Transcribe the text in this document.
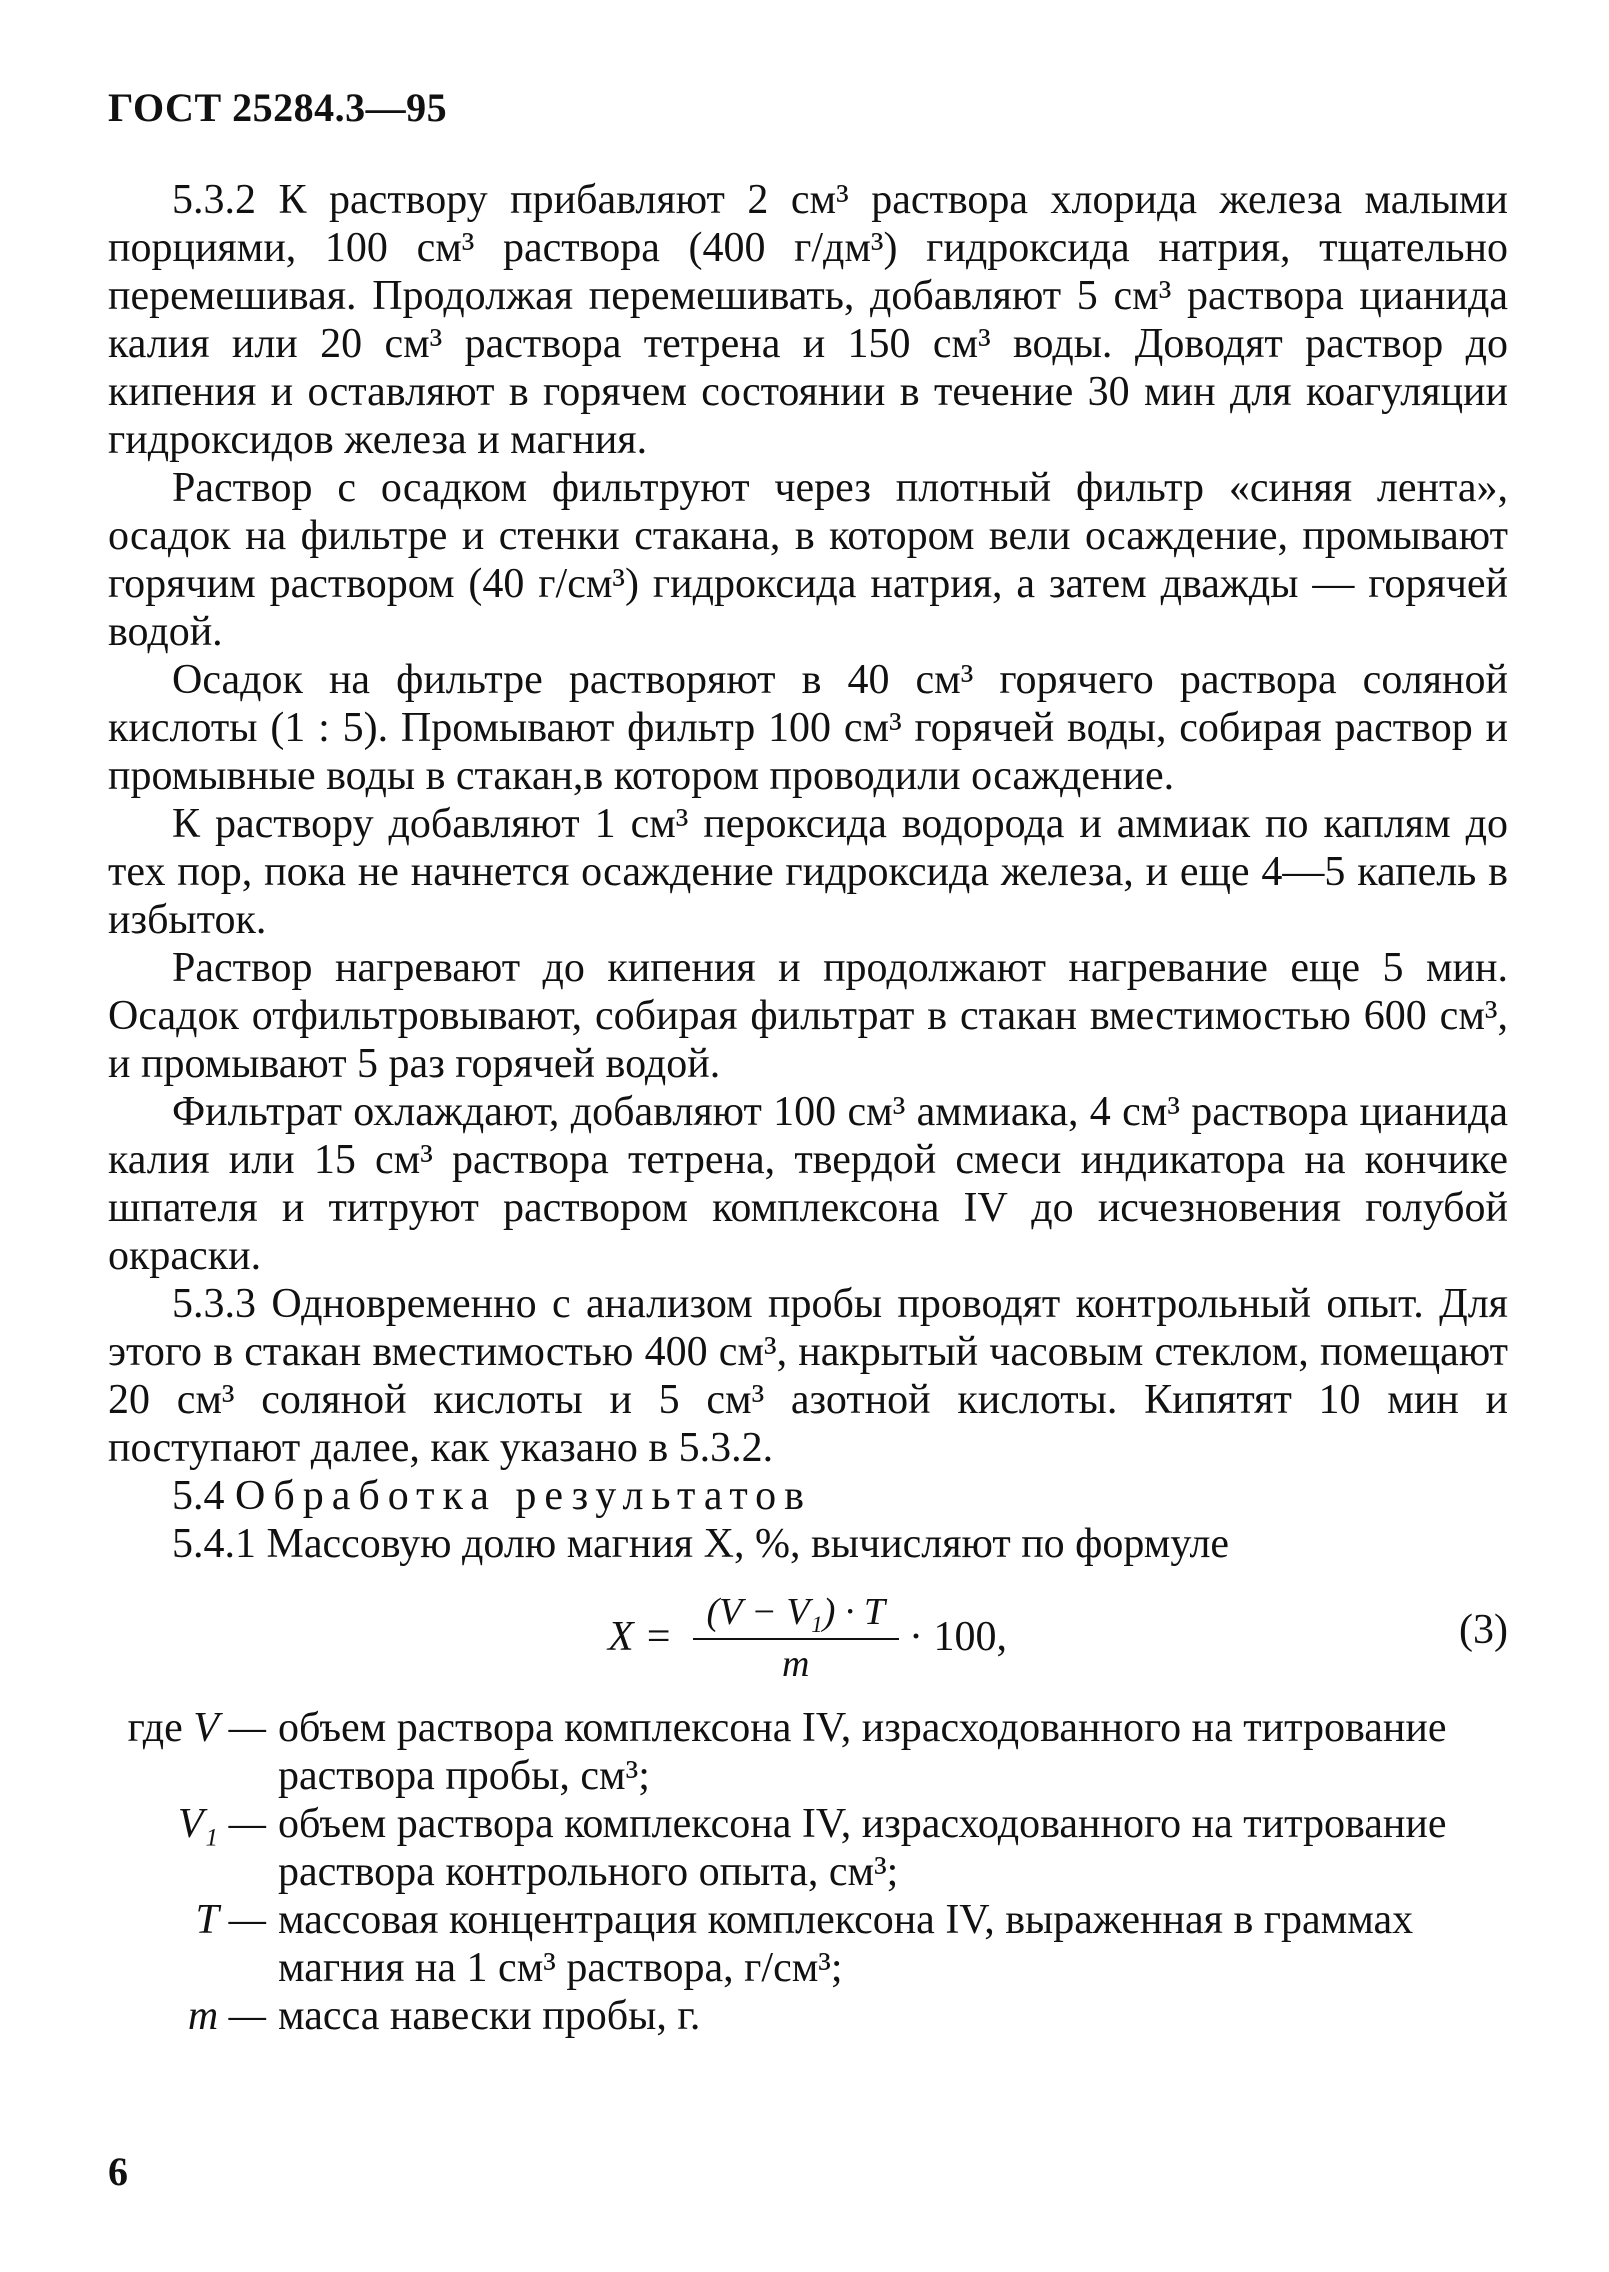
ГОСТ 25284.3—95

5.3.2 К раствору прибавляют 2 см³ раствора хлорида железа малыми порциями, 100 см³ раствора (400 г/дм³) гидроксида натрия, тщательно перемешивая. Продолжая перемешивать, добавляют 5 см³ раствора цианида калия или 20 см³ раствора тетрена и 150 см³ воды. Доводят раствор до кипения и оставляют в горячем состоянии в течение 30 мин для коагуляции гидроксидов железа и магния.

Раствор с осадком фильтруют через плотный фильтр «синяя лента», осадок на фильтре и стенки стакана, в котором вели осаждение, промывают горячим раствором (40 г/см³) гидроксида натрия, а затем дважды — горячей водой.

Осадок на фильтре растворяют в 40 см³ горячего раствора соляной кислоты (1 : 5). Промывают фильтр 100 см³ горячей воды, собирая раствор и промывные воды в стакан,в котором проводили осаждение.

К раствору добавляют 1 см³ пероксида водорода и аммиак по каплям до тех пор, пока не начнется осаждение гидроксида железа, и еще 4—5 капель в избыток.

Раствор нагревают до кипения и продолжают нагревание еще 5 мин. Осадок отфильтровывают, собирая фильтрат в стакан вместимостью 600 см³, и промывают 5 раз горячей водой.

Фильтрат охлаждают, добавляют 100 см³ аммиака, 4 см³ раствора цианида калия или 15 см³ раствора тетрена, твердой смеси индикатора на кончике шпателя и титруют раствором комплексона IV до исчезновения голубой окраски.

5.3.3 Одновременно с анализом пробы проводят контрольный опыт. Для этого в стакан вместимостью 400 см³, накрытый часовым стеклом, помещают 20 см³ соляной кислоты и 5 см³ азотной кислоты. Кипятят 10 мин и поступают далее, как указано в 5.3.2.

5.4 Обработка результатов

5.4.1 Массовую долю магния X, %, вычисляют по формуле

$X = \frac{\text{(V − V₁) · T}}{m} \cdot 100$,	(3)
где V — объем раствора комплексона IV, израсходованного на титрование раствора пробы, см³;
V₁ — объем раствора комплексона IV, израсходованного на титрование раствора контрольного опыта, см³;
T — массовая концентрация комплексона IV, выраженная в граммах магния на 1 см³ раствора, г/см³;
m — масса навески пробы, г.
6
